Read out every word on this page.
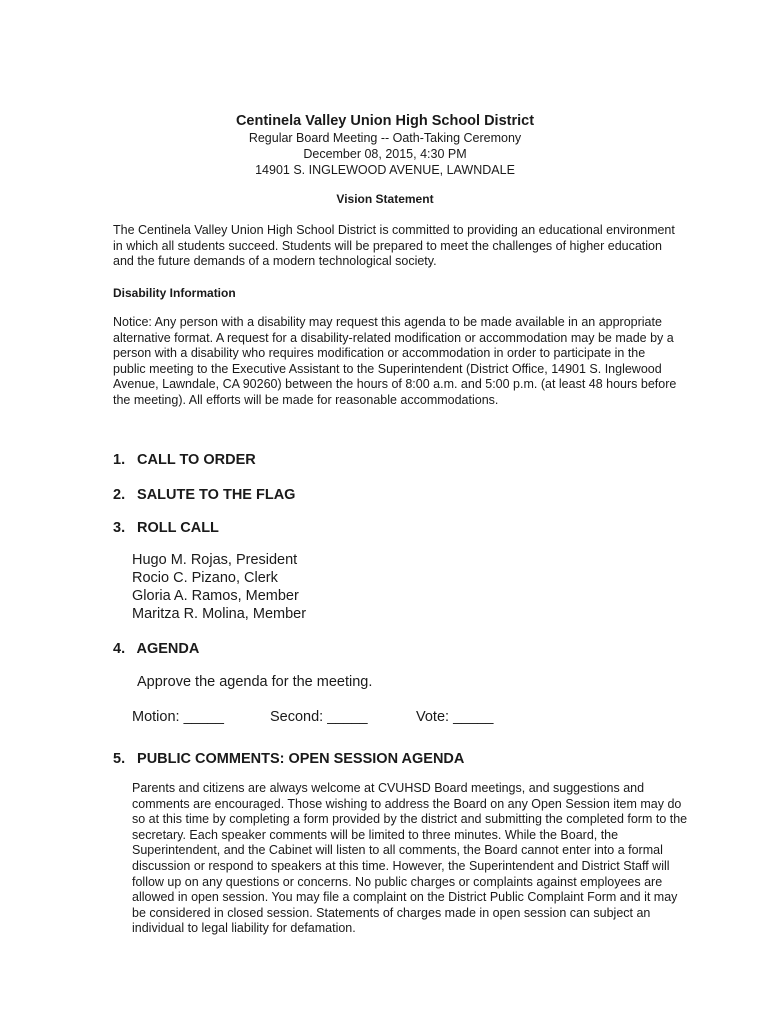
Centinela Valley Union High School District
Regular Board Meeting -- Oath-Taking Ceremony
December 08, 2015, 4:30 PM
14901 S. INGLEWOOD AVENUE, LAWNDALE
Vision Statement

The Centinela Valley Union High School District is committed to providing an educational environment in which all students succeed. Students will be prepared to meet the challenges of higher education and the future demands of a modern technological society.

Disability Information

Notice: Any person with a disability may request this agenda to be made available in an appropriate alternative format. A request for a disability-related modification or accommodation may be made by a person with a disability who requires modification or accommodation in order to participate in the public meeting to the Executive Assistant to the Superintendent (District Office, 14901 S. Inglewood Avenue, Lawndale, CA 90260) between the hours of 8:00 a.m. and 5:00 p.m. (at least 48 hours before the meeting). All efforts will be made for reasonable accommodations.

1. CALL TO ORDER
2. SALUTE TO THE FLAG
3. ROLL CALL
Hugo M. Rojas, President
Rocio C. Pizano, Clerk
Gloria A. Ramos, Member
Maritza R. Molina, Member
4. AGENDA
Approve the agenda for the meeting.
Motion: _____	Second: _____	Vote: _____
5. PUBLIC COMMENTS: OPEN SESSION AGENDA

Parents and citizens are always welcome at CVUHSD Board meetings, and suggestions and comments are encouraged. Those wishing to address the Board on any Open Session item may do so at this time by completing a form provided by the district and submitting the completed form to the secretary. Each speaker comments will be limited to three minutes. While the Board, the Superintendent, and the Cabinet will listen to all comments, the Board cannot enter into a formal discussion or respond to speakers at this time. However, the Superintendent and District Staff will follow up on any questions or concerns. No public charges or complaints against employees are allowed in open session. You may file a complaint on the District Public Complaint Form and it may be considered in closed session. Statements of charges made in open session can subject an individual to legal liability for defamation.
